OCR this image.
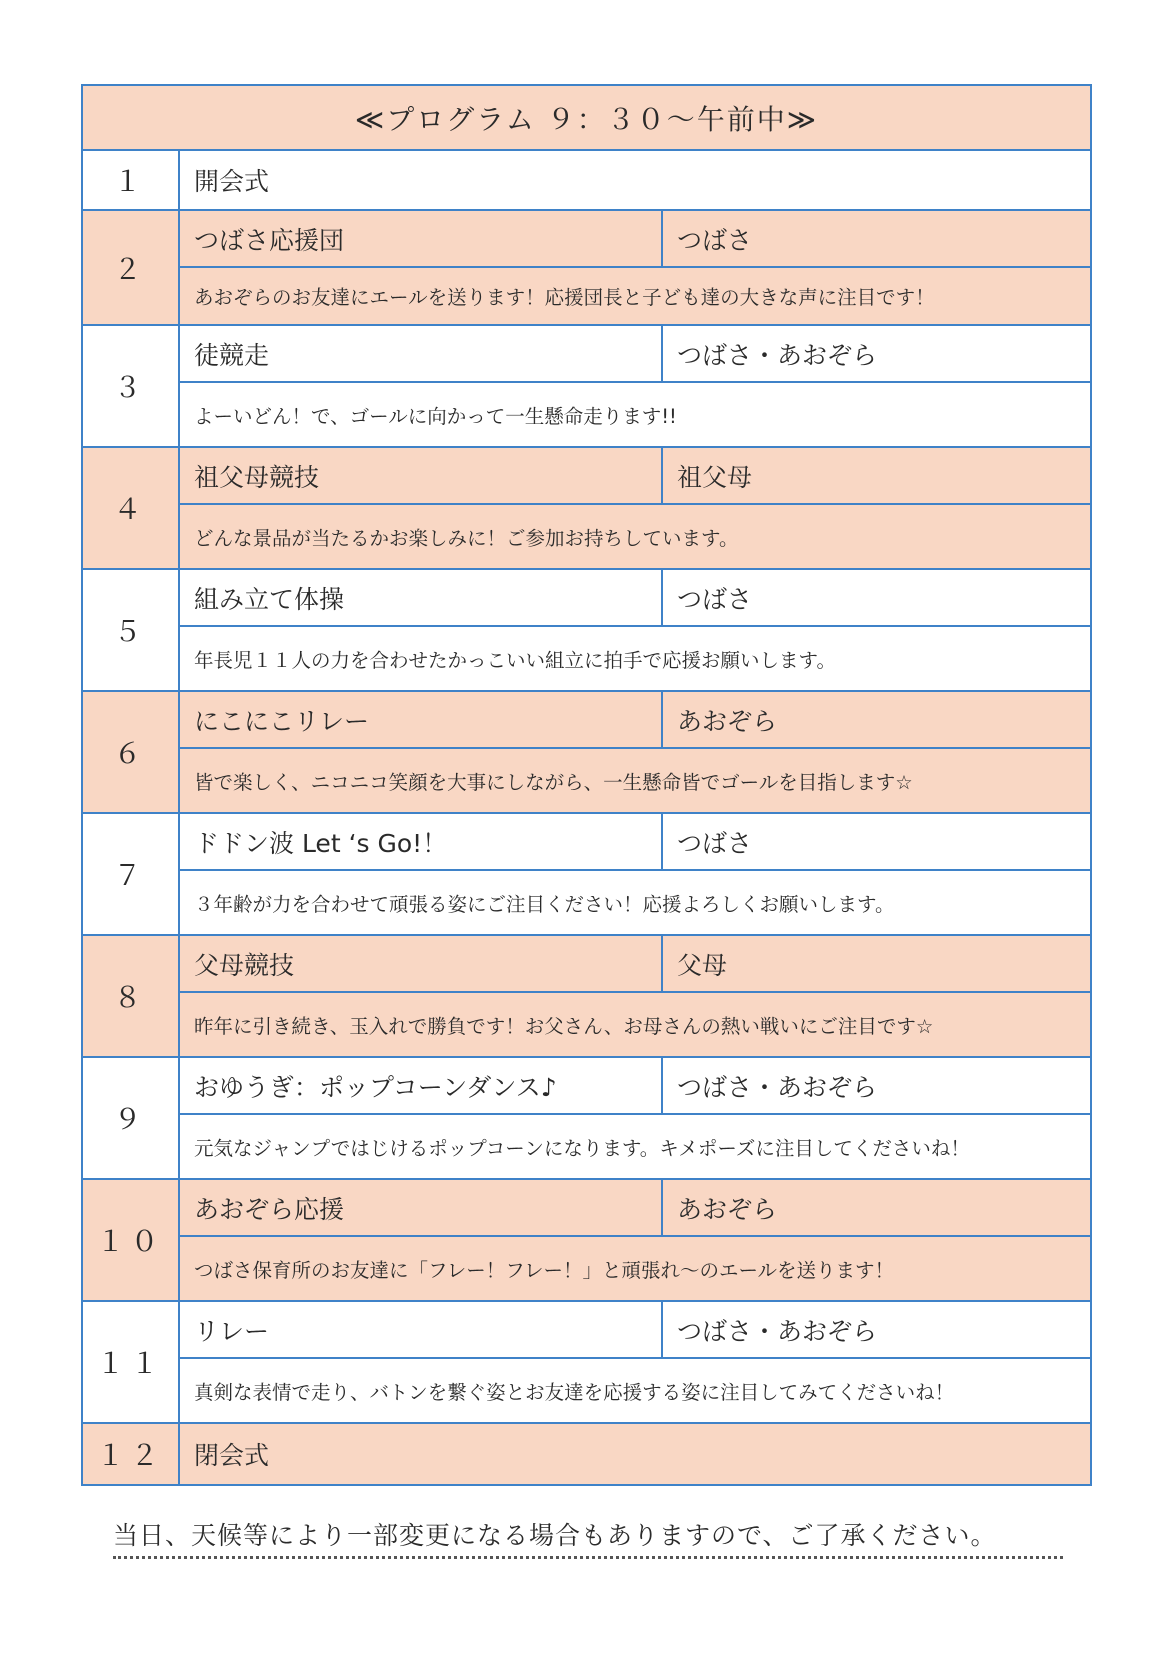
≪プログラム ９：３０～午前中≫
１	開会式
２
つばさ応援団	つばさ
あおぞらのお友達にエールを送ります！応援団長と子ども達の大きな声に注目です！
３
徒競走	つばさ・あおぞら
よーいどん！で、ゴールに向かって一生懸命走ります!!
４
祖父母競技	祖父母
どんな景品が当たるかお楽しみに！ご参加お持ちしています。
５
組み立て体操	つばさ
年長児１１人の力を合わせたかっこいい組立に拍手で応援お願いします。
６
にこにこリレー	あおぞら
皆で楽しく、ニコニコ笑顔を大事にしながら、一生懸命皆でゴールを目指します☆
７
ドドン波 Let ‘s Go!！	つばさ
３年齢が力を合わせて頑張る姿にご注目ください！応援よろしくお願いします。
８
父母競技	父母
昨年に引き続き、玉入れで勝負です！お父さん、お母さんの熱い戦いにご注目です☆
９
おゆうぎ：ポップコーンダンス♪	つばさ・あおぞら
元気なジャンプではじけるポップコーンになります。キメポーズに注目してくださいね！
１０
あおぞら応援	あおぞら
つばさ保育所のお友達に「フレー！フレー！」と頑張れ～のエールを送ります！
１１
リレー	つばさ・あおぞら
真剣な表情で走り、バトンを繋ぐ姿とお友達を応援する姿に注目してみてくださいね！
１２	閉会式
当日、天候等により一部変更になる場合もありますので、ご了承ください。
